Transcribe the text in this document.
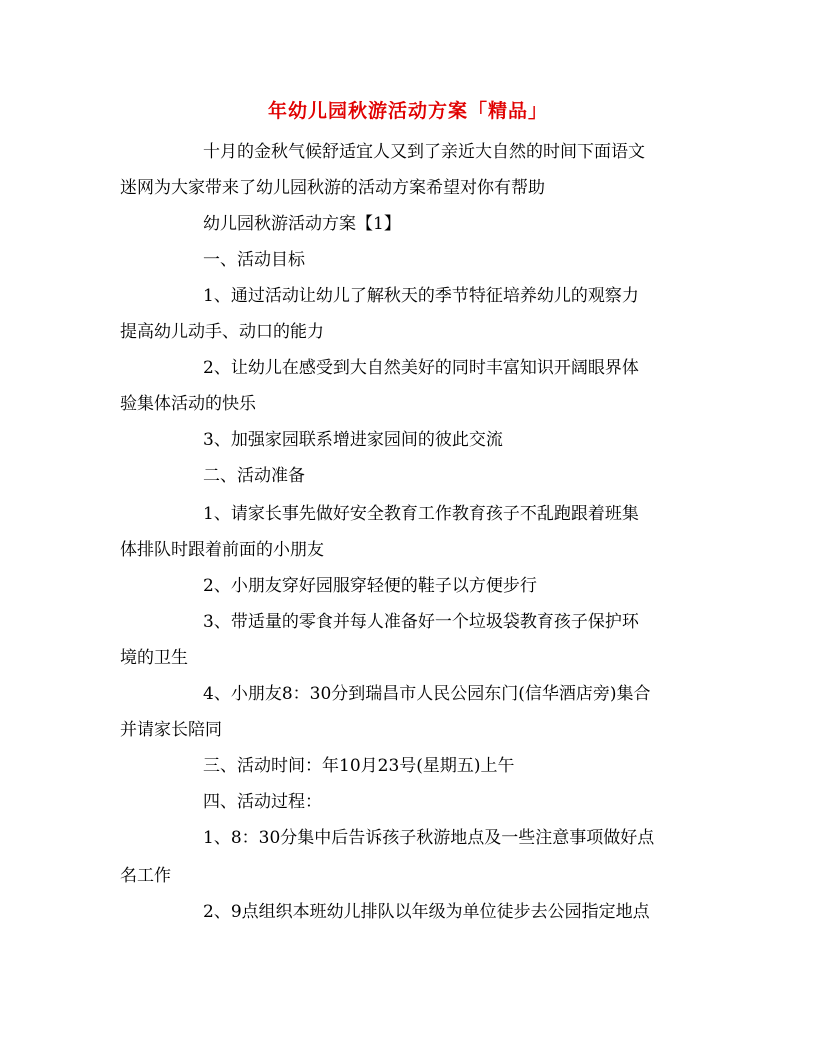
年幼儿园秋游活动方案「精品」
十月的金秋气候舒适宜人又到了亲近大自然的时间下面语文
迷网为大家带来了幼儿园秋游的活动方案希望对你有帮助
幼儿园秋游活动方案【1】
一、活动目标
1、通过活动让幼儿了解秋天的季节特征培养幼儿的观察力
提高幼儿动手、动口的能力
2、让幼儿在感受到大自然美好的同时丰富知识开阔眼界体
验集体活动的快乐
3、加强家园联系增进家园间的彼此交流
二、活动准备
1、请家长事先做好安全教育工作教育孩子不乱跑跟着班集
体排队时跟着前面的小朋友
2、小朋友穿好园服穿轻便的鞋子以方便步行
3、带适量的零食并每人准备好一个垃圾袋教育孩子保护环
境的卫生
4、小朋友8：30分到瑞昌市人民公园东门(信华酒店旁)集合
并请家长陪同
三、活动时间：年10月23号(星期五)上午
四、活动过程：
1、8：30分集中后告诉孩子秋游地点及一些注意事项做好点
名工作
2、9点组织本班幼儿排队以年级为单位徒步去公园指定地点
